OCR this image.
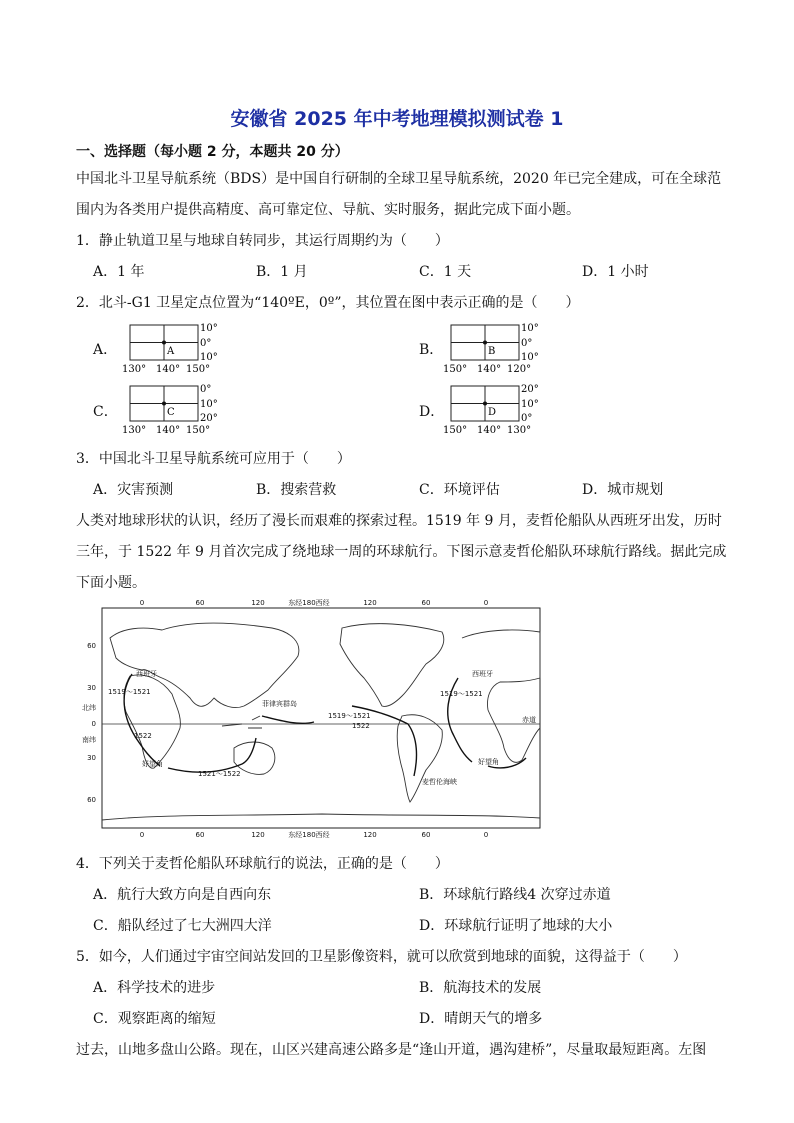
安徽省 2025 年中考地理模拟测试卷 1
一、选择题（每小题 2 分，本题共 20 分）
中国北斗卫星导航系统（BDS）是中国自行研制的全球卫星导航系统，2020 年已完全建成，可在全球范
围内为各类用户提供高精度、高可靠定位、导航、实时服务，据此完成下面小题。
1．静止轨道卫星与地球自转同步，其运行周期约为（　　）
A．1 年	B．1 月	C．1 天	D．1 小时
2．北斗-G1 卫星定点位置为“140ºE，0º”，其位置在图中表示正确的是（　　）
A．	B．
C．	D．
A
10°
0°
10°
130° 140° 150°
B
10°
0°
10°
150° 140° 120°
C
0°
10°
20°
130° 140° 150°
D
20°
10°
0°
150° 140° 130°
3．中国北斗卫星导航系统可应用于（　　）
A．灾害预测	B．搜索营救	C．环境评估	D．城市规划
人类对地球形状的认识，经历了漫长而艰难的探索过程。1519 年 9 月，麦哲伦船队从西班牙出发，历时
三年，于 1522 年 9 月首次完成了绕地球一周的环球航行。下图示意麦哲伦船队环球航行路线。据此完成
下面小题。
0	60	120	东经180西经	120	60	0
0	60	120	东经180西经	120	60	0
60
30
北纬
0
南纬
30
60
西班牙	西班牙
菲律宾群岛
麦哲伦海峡
好望角	好望角
赤道
1519～1521
1522
1521～1522
1519～1521
1522
1519～1521
4．下列关于麦哲伦船队环球航行的说法，正确的是（　　）
A．航行大致方向是自西向东	B．环球航行路线4 次穿过赤道
C．船队经过了七大洲四大洋	D．环球航行证明了地球的大小
5．如今，人们通过宇宙空间站发回的卫星影像资料，就可以欣赏到地球的面貌，这得益于（　　）
A．科学技术的进步	B．航海技术的发展
C．观察距离的缩短	D．晴朗天气的增多
过去，山地多盘山公路。现在，山区兴建高速公路多是“逢山开道，遇沟建桥”，尽量取最短距离。左图
